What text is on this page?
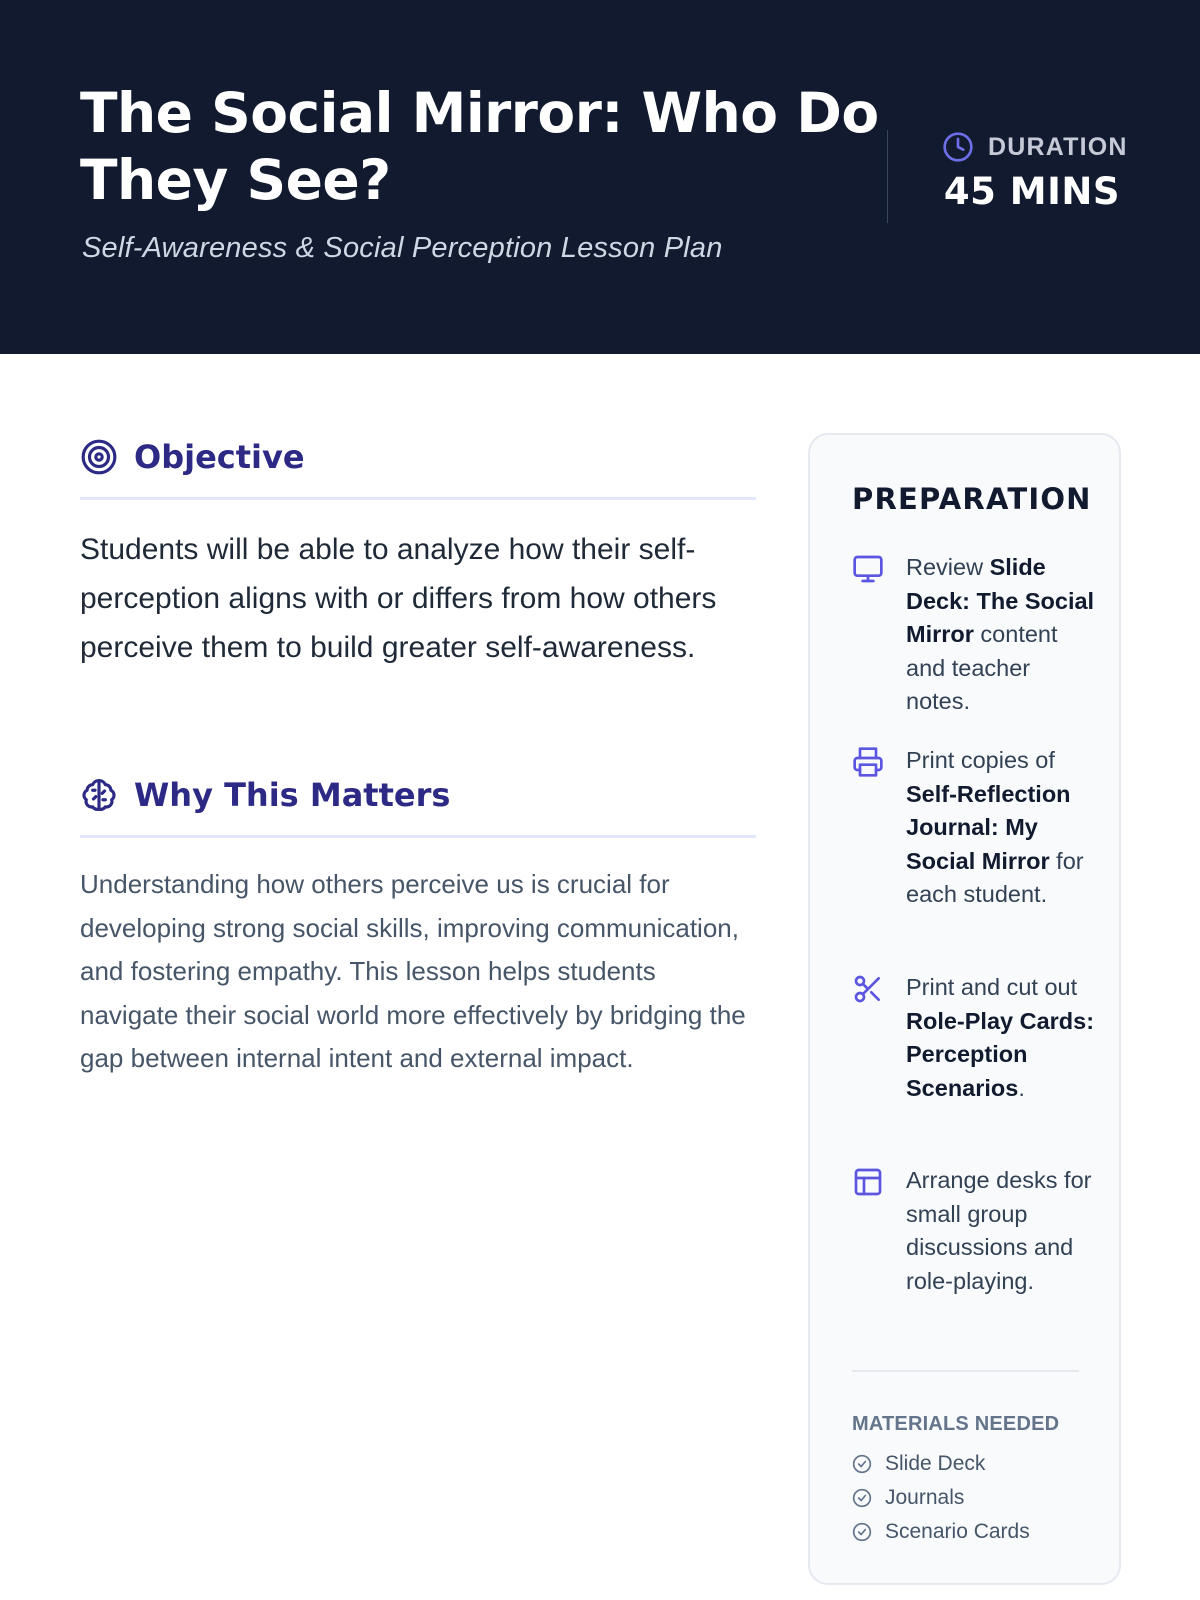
The Social Mirror: Who Do They See?
Self-Awareness & Social Perception Lesson Plan
DURATION
45 MINS
Objective
Students will be able to analyze how their self-perception aligns with or differs from how others perceive them to build greater self-awareness.
Why This Matters
Understanding how others perceive us is crucial for developing strong social skills, improving communication, and fostering empathy. This lesson helps students navigate their social world more effectively by bridging the gap between internal intent and external impact.
PREPARATION
Review Slide Deck: The Social Mirror content and teacher notes.
Print copies of Self-Reflection Journal: My Social Mirror for each student.
Print and cut out Role-Play Cards: Perception Scenarios.
Arrange desks for small group discussions and role-playing.
MATERIALS NEEDED
Slide Deck
Journals
Scenario Cards
